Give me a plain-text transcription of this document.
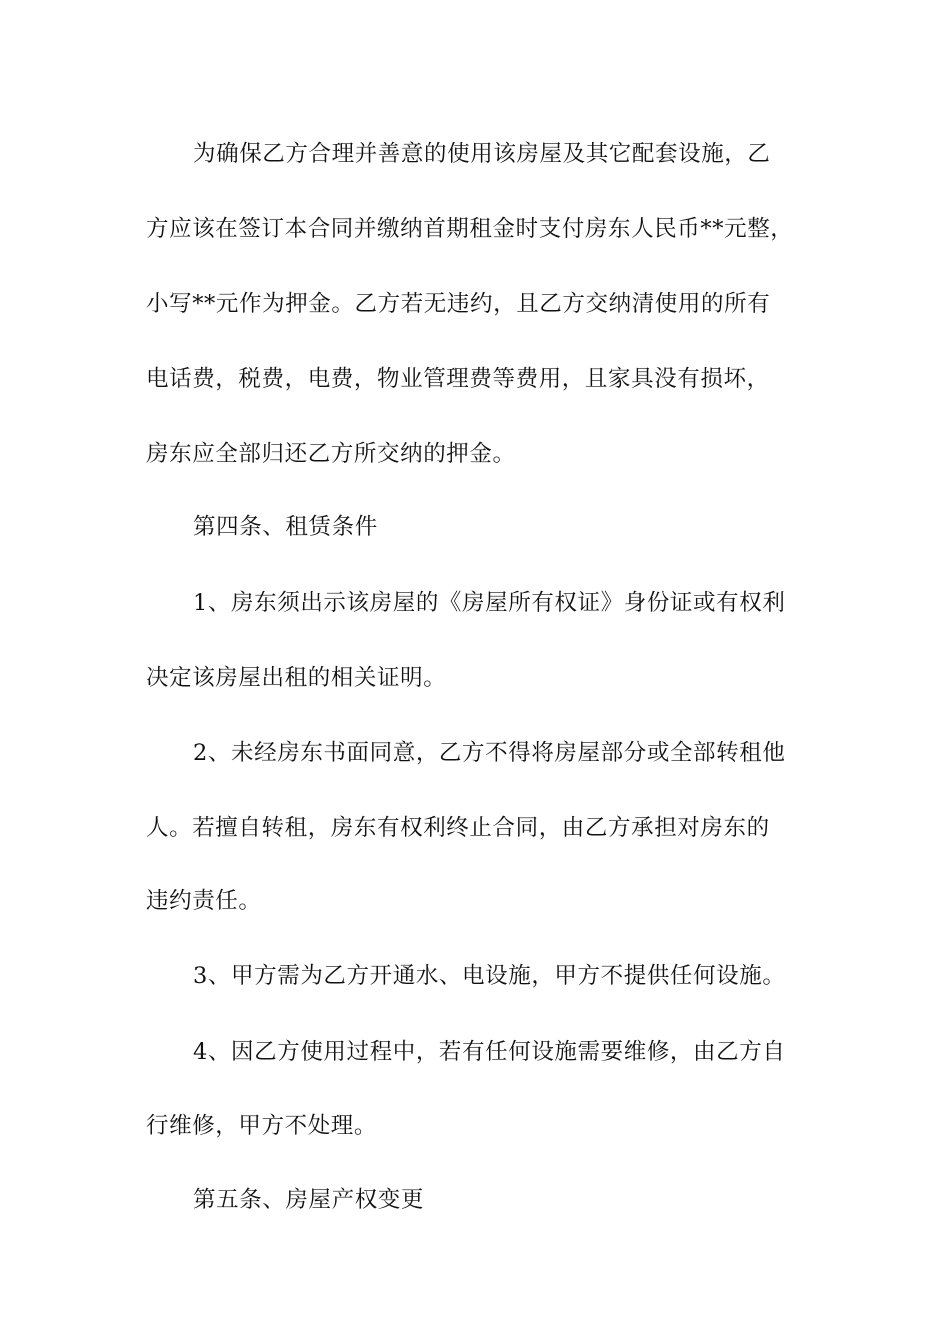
为确保乙方合理并善意的使用该房屋及其它配套设施，乙
方应该在签订本合同并缴纳首期租金时支付房东人民币**元整，
小写**元作为押金。乙方若无违约，且乙方交纳清使用的所有
电话费，税费，电费，物业管理费等费用，且家具没有损坏，
房东应全部归还乙方所交纳的押金。
第四条、租赁条件
1、房东须出示该房屋的《房屋所有权证》身份证或有权利
决定该房屋出租的相关证明。
2、未经房东书面同意，乙方不得将房屋部分或全部转租他
人。若擅自转租，房东有权利终止合同，由乙方承担对房东的
违约责任。
3、甲方需为乙方开通水、电设施，甲方不提供任何设施。
4、因乙方使用过程中，若有任何设施需要维修，由乙方自
行维修，甲方不处理。
第五条、房屋产权变更
